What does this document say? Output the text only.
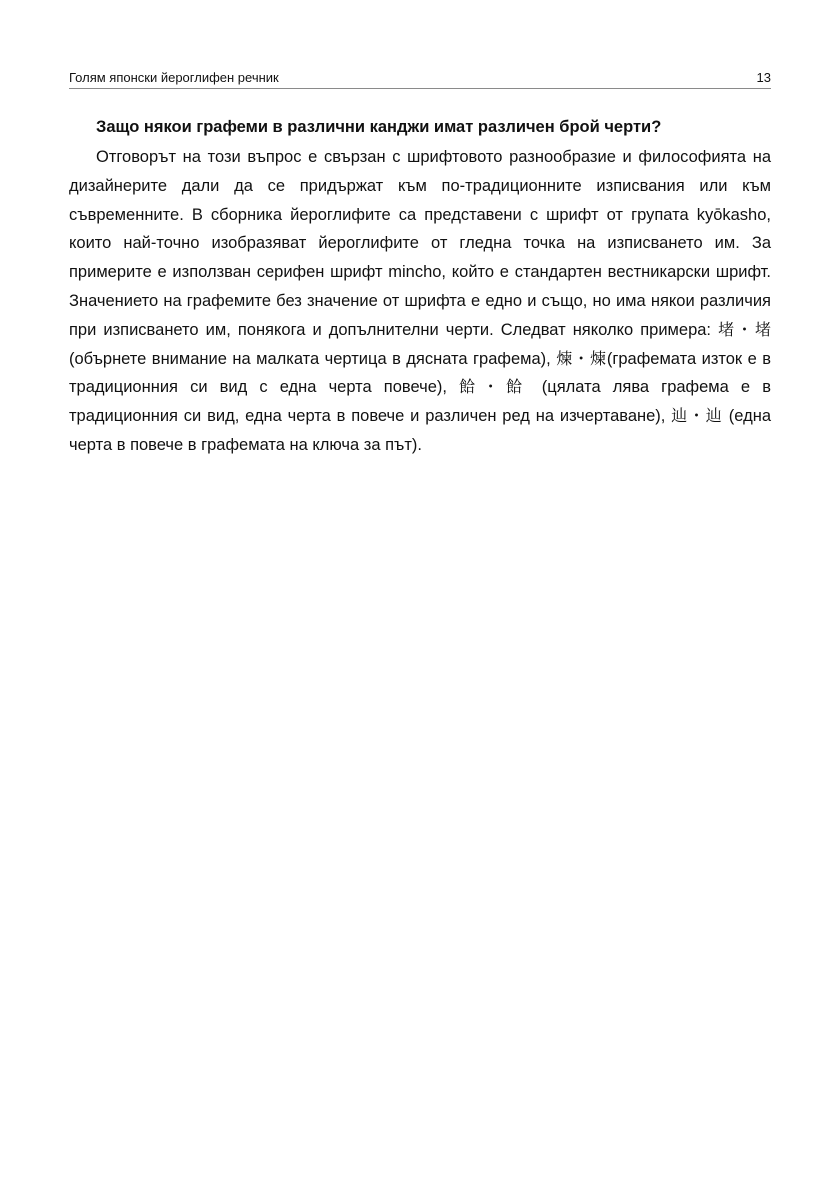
Голям японски йероглифен речник	13
Защо някои графеми в различни канджи имат различен брой черти?

Отговорът на този въпрос е свързан с шрифтовото разнообразие и философията на дизайнерите дали да се придържат към по-традиционните изписвания или към съвременните. В сборника йероглифите са представени с шрифт от групата kyōkasho, които най-точно изобразяват йероглифите от гледна точка на изписването им. За примерите е използван серифен шрифт mincho, който е стандартен вестникарски шрифт. Значението на графемите без значение от шрифта е едно и също, но има някои различия при изписването им, понякога и допълнителни черти. Следват няколко примера: 堵・堵 (обърнете внимание на малката чертица в дясната графема), 煉・煉(графемата изток е в традиционния си вид с една черта повече), 餄・餄 (цялата лява графема е в традиционния си вид, една черта в повече и различен ред на изчертаване), 辿・辿 (една черта в повече в графемата на ключа за път).
